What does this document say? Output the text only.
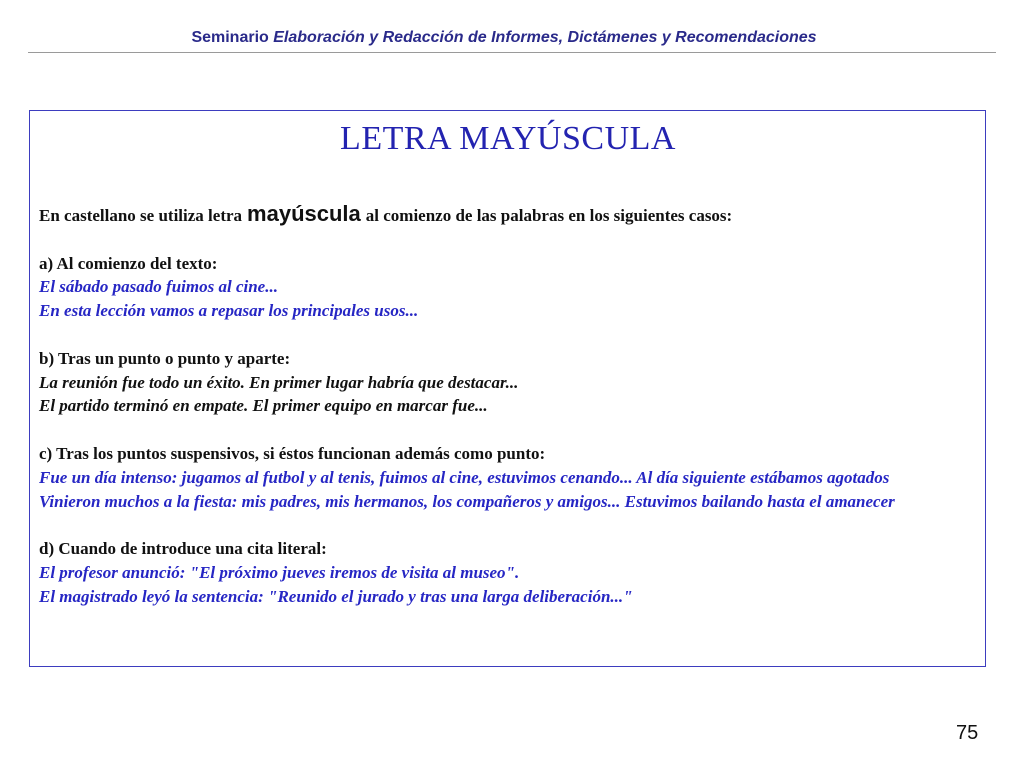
Seminario Elaboración y Redacción de Informes, Dictámenes y Recomendaciones
LETRA MAYÚSCULA

En castellano se utiliza letra mayúscula al comienzo de las palabras en los siguientes casos:

a) Al comienzo del texto:

El sábado pasado fuimos al cine...

En esta lección vamos a repasar los principales usos...

b) Tras un punto o punto y aparte:

La reunión fue todo un éxito. En primer lugar habría que destacar...

El partido terminó en empate. El primer equipo en marcar fue...

c) Tras los puntos suspensivos, si éstos funcionan además como punto:

Fue un día intenso: jugamos al futbol y al tenis, fuimos al cine, estuvimos cenando... Al día siguiente estábamos agotados

Vinieron muchos a la fiesta: mis padres, mis hermanos, los compañeros y amigos... Estuvimos bailando hasta el amanecer

d) Cuando de introduce una cita literal:

El profesor anunció: "El próximo jueves iremos de visita al museo".

El magistrado leyó la sentencia: "Reunido el jurado y tras una larga deliberación..."

75
